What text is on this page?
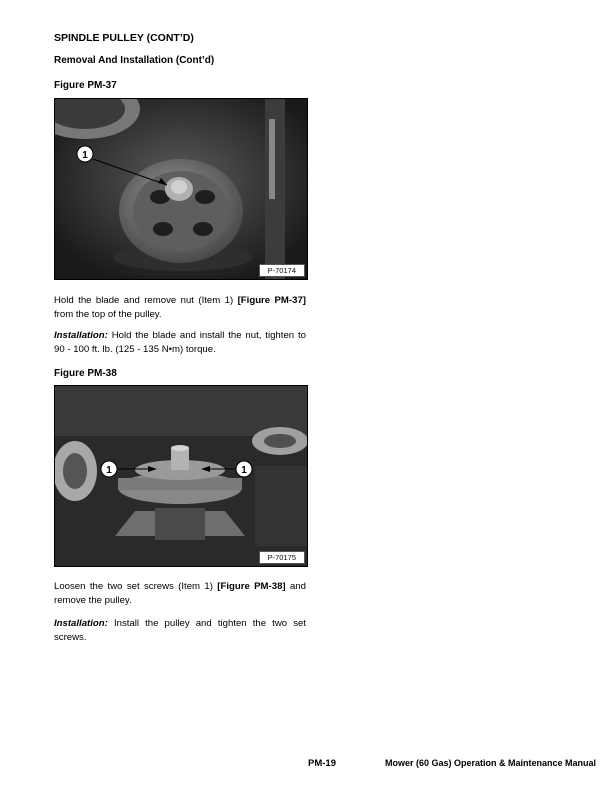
SPINDLE PULLEY (CONT’D)
Removal And Installation (Cont’d)
Figure PM-37
1
P-70174
Hold the blade and remove nut (Item 1) [Figure PM-37] from the top of the pulley.
Installation: Hold the blade and install the nut, tighten to 90 - 100 ft. lb. (125 - 135 N•m) torque.
Figure PM-38
1	1
P-70175
Loosen the two set screws (Item 1) [Figure PM-38] and remove the pulley.
Installation: Install the pulley and tighten the two set screws.
PM-19	Mower (60 Gas) Operation & Maintenance Manual
